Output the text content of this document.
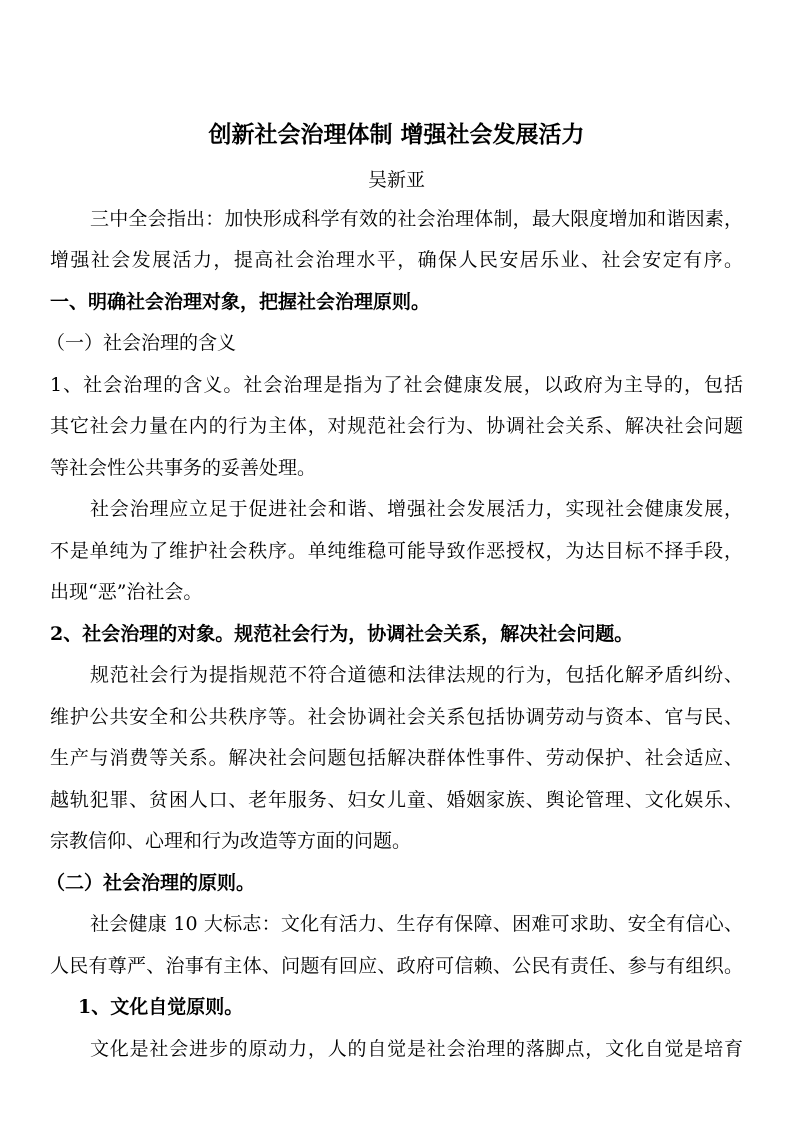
创新社会治理体制 增强社会发展活力
吴新亚
三中全会指出：加快形成科学有效的社会治理体制，最大限度增加和谐因素，
增强社会发展活力，提高社会治理水平，确保人民安居乐业、社会安定有序。
一、明确社会治理对象，把握社会治理原则。
（一）社会治理的含义
1、社会治理的含义。社会治理是指为了社会健康发展，以政府为主导的，包括
其它社会力量在内的行为主体，对规范社会行为、协调社会关系、解决社会问题
等社会性公共事务的妥善处理。
社会治理应立足于促进社会和谐、增强社会发展活力，实现社会健康发展，
不是单纯为了维护社会秩序。单纯维稳可能导致作恶授权，为达目标不择手段，
出现“恶”治社会。
2、社会治理的对象。规范社会行为，协调社会关系，解决社会问题。
规范社会行为提指规范不符合道德和法律法规的行为，包括化解矛盾纠纷、
维护公共安全和公共秩序等。社会协调社会关系包括协调劳动与资本、官与民、
生产与消费等关系。解决社会问题包括解决群体性事件、劳动保护、社会适应、
越轨犯罪、贫困人口、老年服务、妇女儿童、婚姻家族、舆论管理、文化娱乐、
宗教信仰、心理和行为改造等方面的问题。
（二）社会治理的原则。
社会健康 10 大标志：文化有活力、生存有保障、困难可求助、安全有信心、
人民有尊严、治事有主体、问题有回应、政府可信赖、公民有责任、参与有组织。
1、文化自觉原则。
文化是社会进步的原动力，人的自觉是社会治理的落脚点，文化自觉是培育
